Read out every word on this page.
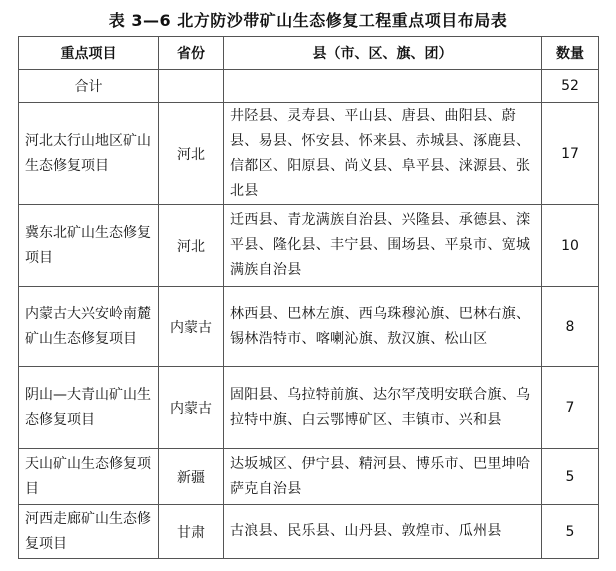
表 3—6 北方防沙带矿山生态修复工程重点项目布局表
重点项目	省份	县（市、区、旗、团）	数量
合计			52
河北太行山地区矿山生态修复项目	河北	井陉县、灵寿县、平山县、唐县、曲阳县、蔚县、易县、怀安县、怀来县、赤城县、涿鹿县、信都区、阳原县、尚义县、阜平县、涞源县、张北县	17
冀东北矿山生态修复项目	河北	迁西县、青龙满族自治县、兴隆县、承德县、滦平县、隆化县、丰宁县、围场县、平泉市、宽城满族自治县	10
内蒙古大兴安岭南麓矿山生态修复项目	内蒙古	林西县、巴林左旗、西乌珠穆沁旗、巴林右旗、锡林浩特市、喀喇沁旗、敖汉旗、松山区	8
阴山—大青山矿山生态修复项目	内蒙古	固阳县、乌拉特前旗、达尔罕茂明安联合旗、乌拉特中旗、白云鄂博矿区、丰镇市、兴和县	7
天山矿山生态修复项目	新疆	达坂城区、伊宁县、精河县、博乐市、巴里坤哈萨克自治县	5
河西走廊矿山生态修复项目	甘肃	古浪县、民乐县、山丹县、敦煌市、瓜州县	5
